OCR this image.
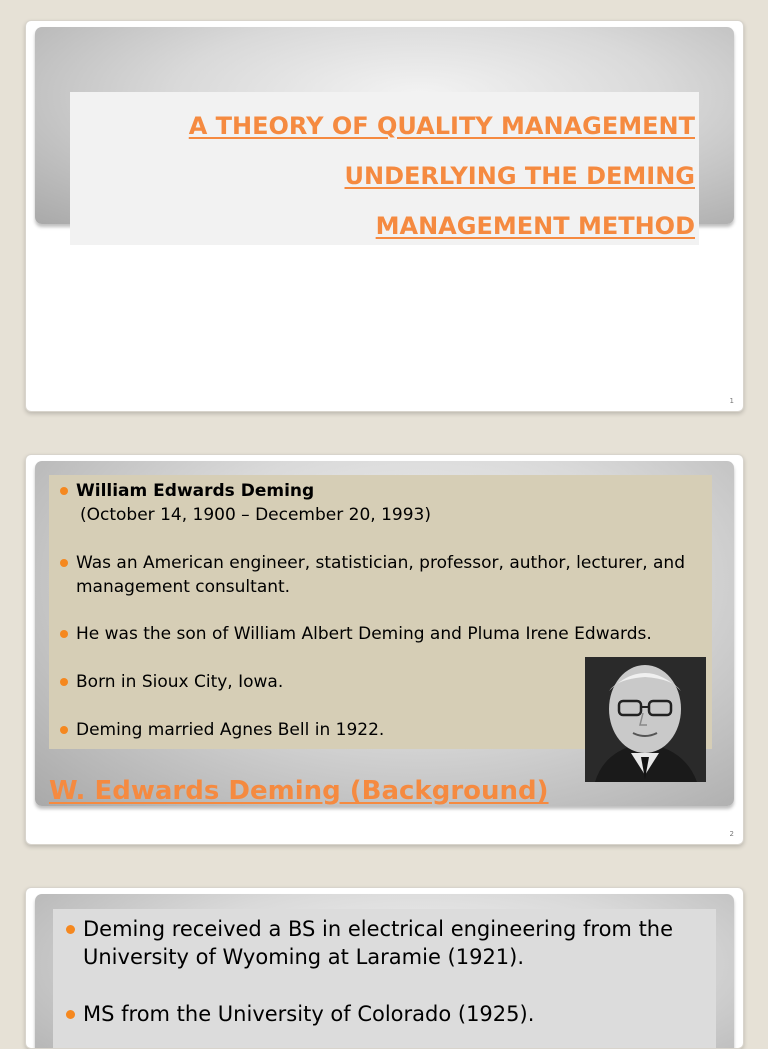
A THEORY OF QUALITY MANAGEMENT
UNDERLYING THE DEMING
MANAGEMENT METHOD
1
William Edwards Deming
(October 14, 1900 – December 20, 1993)
Was an American engineer, statistician, professor, author, lecturer, and management consultant.
He was the son of William Albert Deming and Pluma Irene Edwards.
Born in Sioux City, Iowa.
Deming married Agnes Bell in 1922.
W. Edwards Deming (Background)
2
Deming received a BS in electrical engineering from the University of Wyoming at Laramie (1921).
MS from the University of Colorado (1925).
